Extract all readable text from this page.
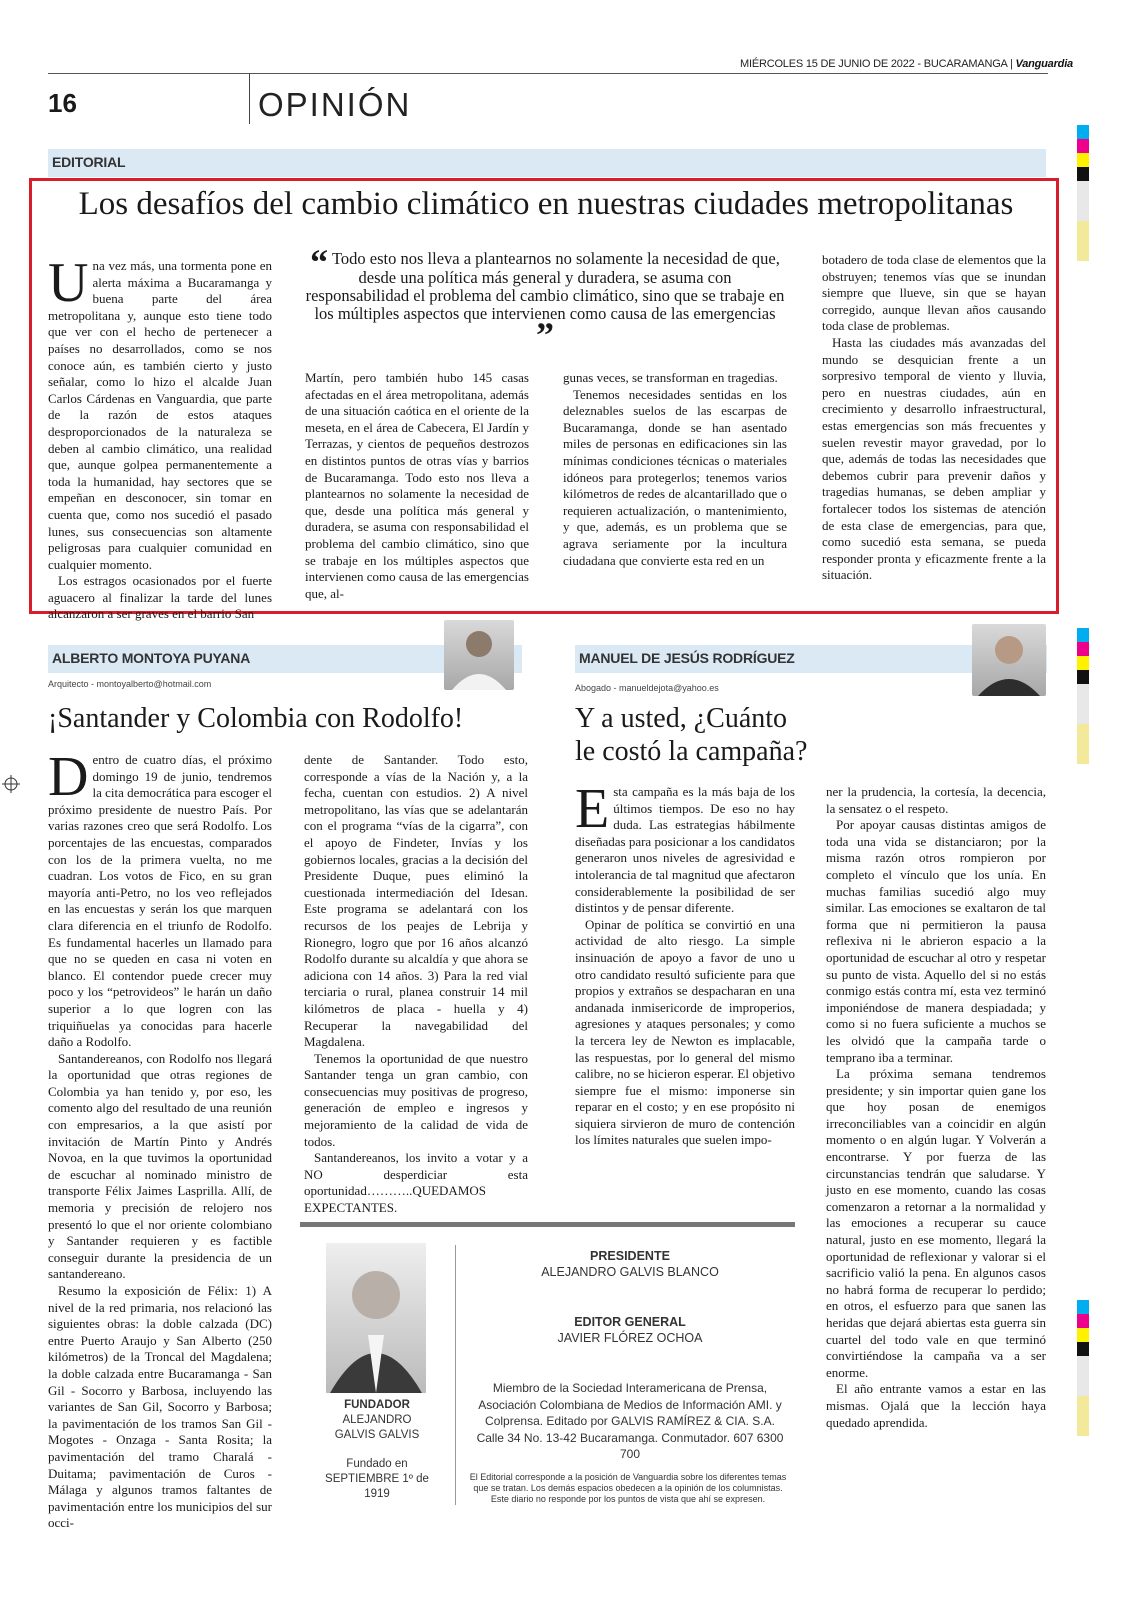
MIÉRCOLES 15 DE JUNIO DE 2022 - BUCARAMANGA | Vanguardia
16	OPINIÓN
EDITORIAL
Los desafíos del cambio climático en nuestras ciudades metropolitanas

Una vez más, una tormenta pone en alerta máxima a Bucaramanga y buena parte del área metropolitana y, aunque esto tiene todo que ver con el hecho de pertenecer a países no desarrollados, como se nos conoce aún, es también cierto y justo señalar, como lo hizo el alcalde Juan Carlos Cárdenas en Vanguardia, que parte de la razón de estos ataques desproporcionados de la naturaleza se deben al cambio climático, una realidad que, aunque golpea permanentemente a toda la humanidad, hay sectores que se empeñan en desconocer, sin tomar en cuenta que, como nos sucedió el pasado lunes, sus consecuencias son altamente peligrosas para cualquier comunidad en cualquier momento.

Los estragos ocasionados por el fuerte aguacero al finalizar la tarde del lunes alcanzaron a ser graves en el barrio San

“ Todo esto nos lleva a plantearnos no solamente la necesidad de que, desde una política más general y duradera, se asuma con responsabilidad el problema del cambio climático, sino que se trabaje en los múltiples aspectos que intervienen como causa de las emergencias ”

Martín, pero también hubo 145 casas afectadas en el área metropolitana, además de una situación caótica en el oriente de la meseta, en el área de Cabecera, El Jardín y Terrazas, y cientos de pequeños destrozos en distintos puntos de otras vías y barrios de Bucaramanga. Todo esto nos lleva a plantearnos no solamente la necesidad de que, desde una política más general y duradera, se asuma con responsabilidad el problema del cambio climático, sino que se trabaje en los múltiples aspectos que intervienen como causa de las emergencias que, al-

gunas veces, se transforman en tragedias.

Tenemos necesidades sentidas en los deleznables suelos de las escarpas de Bucaramanga, donde se han asentado miles de personas en edificaciones sin las mínimas condiciones técnicas o materiales idóneos para protegerlos; tenemos varios kilómetros de redes de alcantarillado que o requieren actualización, o mantenimiento, y que, además, es un problema que se agrava seriamente por la incultura ciudadana que convierte esta red en un

botadero de toda clase de elementos que la obstruyen; tenemos vías que se inundan siempre que llueve, sin que se hayan corregido, aunque llevan años causando toda clase de problemas.

Hasta las ciudades más avanzadas del mundo se desquician frente a un sorpresivo temporal de viento y lluvia, pero en nuestras ciudades, aún en crecimiento y desarrollo infraestructural, estas emergencias son más frecuentes y suelen revestir mayor gravedad, por lo que, además de todas las necesidades que debemos cubrir para prevenir daños y tragedias humanas, se deben ampliar y fortalecer todos los sistemas de atención de esta clase de emergencias, para que, como sucedió esta semana, se pueda responder pronta y eficazmente frente a la situación.

ALBERTO MONTOYA PUYANA
Arquitecto - montoyalberto@hotmail.com
¡Santander y Colombia con Rodolfo!

Dentro de cuatro días, el próximo domingo 19 de junio, tendremos la cita democrática para escoger el próximo presidente de nuestro País. Por varias razones creo que será Rodolfo. Los porcentajes de las encuestas, comparados con los de la primera vuelta, no me cuadran. Los votos de Fico, en su gran mayoría anti-Petro, no los veo reflejados en las encuestas y serán los que marquen clara diferencia en el triunfo de Rodolfo. Es fundamental hacerles un llamado para que no se queden en casa ni voten en blanco. El contendor puede crecer muy poco y los “petrovideos” le harán un daño superior a lo que logren con las triquiñuelas ya conocidas para hacerle daño a Rodolfo.

Santandereanos, con Rodolfo nos llegará la oportunidad que otras regiones de Colombia ya han tenido y, por eso, les comento algo del resultado de una reunión con empresarios, a la que asistí por invitación de Martín Pinto y Andrés Novoa, en la que tuvimos la oportunidad de escuchar al nominado ministro de transporte Félix Jaimes Lasprilla. Allí, de memoria y precisión de relojero nos presentó lo que el nor oriente colombiano y Santander requieren y es factible conseguir durante la presidencia de un santandereano.

Resumo la exposición de Félix: 1) A nivel de la red primaria, nos relacionó las siguientes obras: la doble calzada (DC) entre Puerto Araujo y San Alberto (250 kilómetros) de la Troncal del Magdalena; la doble calzada entre Bucaramanga - San Gil - Socorro y Barbosa, incluyendo las variantes de San Gil, Socorro y Barbosa; la pavimentación de los tramos San Gil - Mogotes - Onzaga - Santa Rosita; la pavimentación del tramo Charalá - Duitama; pavimentación de Curos - Málaga y algunos tramos faltantes de pavimentación entre los municipios del sur occi-

dente de Santander. Todo esto, corresponde a vías de la Nación y, a la fecha, cuentan con estudios. 2) A nivel metropolitano, las vías que se adelantarán con el programa “vías de la cigarra”, con el apoyo de Findeter, Invías y los gobiernos locales, gracias a la decisión del Presidente Duque, pues eliminó la cuestionada intermediación del Idesan. Este programa se adelantará con los recursos de los peajes de Lebrija y Rionegro, logro que por 16 años alcanzó Rodolfo durante su alcaldía y que ahora se adiciona con 14 años. 3) Para la red vial terciaria o rural, planea construir 14 mil kilómetros de placa - huella y 4) Recuperar la navegabilidad del Magdalena.

Tenemos la oportunidad de que nuestro Santander tenga un gran cambio, con consecuencias muy positivas de progreso, generación de empleo e ingresos y mejoramiento de la calidad de vida de todos.

Santandereanos, los invito a votar y a NO desperdiciar esta oportunidad………..QUEDAMOS EXPECTANTES.

MANUEL DE JESÚS RODRÍGUEZ
Abogado - manueldejota@yahoo.es
Y a usted, ¿Cuánto
le costó la campaña?

Esta campaña es la más baja de los últimos tiempos. De eso no hay duda. Las estrategias hábilmente diseñadas para posicionar a los candidatos generaron unos niveles de agresividad e intolerancia de tal magnitud que afectaron considerablemente la posibilidad de ser distintos y de pensar diferente.

Opinar de política se convirtió en una actividad de alto riesgo. La simple insinuación de apoyo a favor de uno u otro candidato resultó suficiente para que propios y extraños se despacharan en una andanada inmisericorde de improperios, agresiones y ataques personales; y como la tercera ley de Newton es implacable, las respuestas, por lo general del mismo calibre, no se hicieron esperar. El objetivo siempre fue el mismo: imponerse sin reparar en el costo; y en ese propósito ni siquiera sirvieron de muro de contención los límites naturales que suelen impo-

ner la prudencia, la cortesía, la decencia, la sensatez o el respeto.

Por apoyar causas distintas amigos de toda una vida se distanciaron; por la misma razón otros rompieron por completo el vínculo que los unía. En muchas familias sucedió algo muy similar. Las emociones se exaltaron de tal forma que ni permitieron la pausa reflexiva ni le abrieron espacio a la oportunidad de escuchar al otro y respetar su punto de vista. Aquello del si no estás conmigo estás contra mí, esta vez terminó imponiéndose de manera despiadada; y como si no fuera suficiente a muchos se les olvidó que la campaña tarde o temprano iba a terminar.

La próxima semana tendremos presidente; y sin importar quien gane los que hoy posan de enemigos irreconciliables van a coincidir en algún momento o en algún lugar. Y Volverán a encontrarse. Y por fuerza de las circunstancias tendrán que saludarse. Y justo en ese momento, cuando las cosas comenzaron a retornar a la normalidad y las emociones a recuperar su cauce natural, justo en ese momento, llegará la oportunidad de reflexionar y valorar si el sacrificio valió la pena. En algunos casos no habrá forma de recuperar lo perdido; en otros, el esfuerzo para que sanen las heridas que dejará abiertas esta guerra sin cuartel del todo vale en que terminó convirtiéndose la campaña va a ser enorme.

El año entrante vamos a estar en las mismas. Ojalá que la lección haya quedado aprendida.

FUNDADOR
ALEJANDRO
GALVIS GALVIS
Fundado en
SEPTIEMBRE 1º de 1919
PRESIDENTE
ALEJANDRO GALVIS BLANCO
EDITOR GENERAL
JAVIER FLÓREZ OCHOA
Miembro de la Sociedad Interamericana de Prensa, Asociación Colombiana de Medios de Información AMI. y Colprensa. Editado por GALVIS RAMÍREZ & CIA. S.A. Calle 34 No. 13-42 Bucaramanga. Conmutador. 607 6300 700
El Editorial corresponde a la posición de Vanguardia sobre los diferentes temas que se tratan. Los demás espacios obedecen a la opinión de los columnistas. Este diario no responde por los puntos de vista que ahí se expresen.
